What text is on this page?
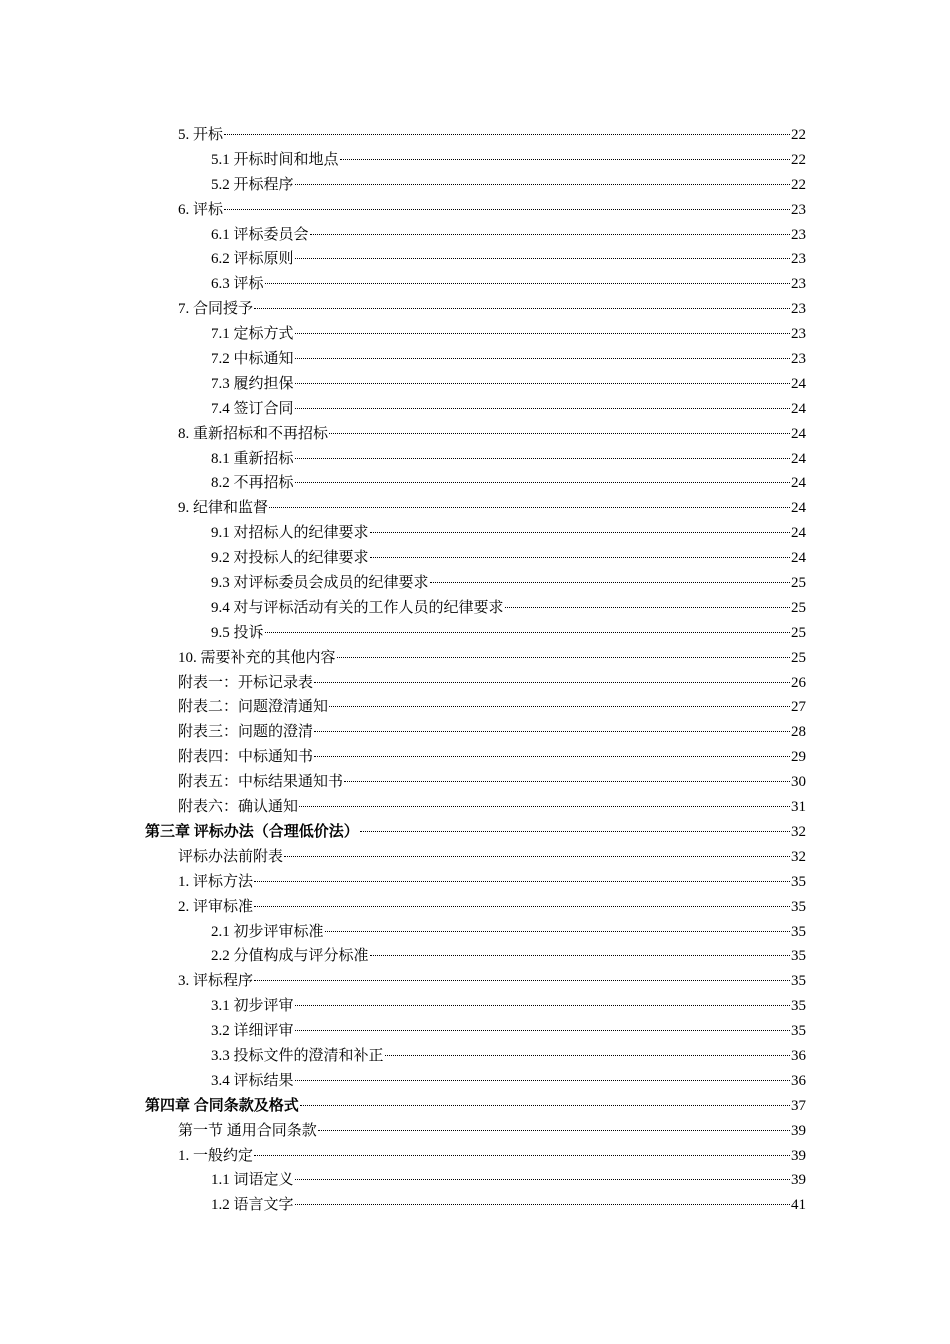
5. 开标	22
5.1 开标时间和地点	22
5.2 开标程序	22
6. 评标	23
6.1 评标委员会	23
6.2 评标原则	23
6.3 评标	23
7. 合同授予	23
7.1 定标方式	23
7.2 中标通知	23
7.3 履约担保	24
7.4 签订合同	24
8. 重新招标和不再招标	24
8.1 重新招标	24
8.2 不再招标	24
9. 纪律和监督	24
9.1 对招标人的纪律要求	24
9.2 对投标人的纪律要求	24
9.3 对评标委员会成员的纪律要求	25
9.4 对与评标活动有关的工作人员的纪律要求	25
9.5 投诉	25
10. 需要补充的其他内容	25
附表一：开标记录表	26
附表二：问题澄清通知	27
附表三：问题的澄清	28
附表四：中标通知书	29
附表五：中标结果通知书	30
附表六：确认通知	31
第三章 评标办法（合理低价法）	32
评标办法前附表	32
1. 评标方法	35
2. 评审标准	35
2.1 初步评审标准	35
2.2 分值构成与评分标准	35
3. 评标程序	35
3.1 初步评审	35
3.2 详细评审	35
3.3 投标文件的澄清和补正	36
3.4 评标结果	36
第四章 合同条款及格式	37
第一节 通用合同条款	39
1. 一般约定	39
1.1 词语定义	39
1.2 语言文字	41
